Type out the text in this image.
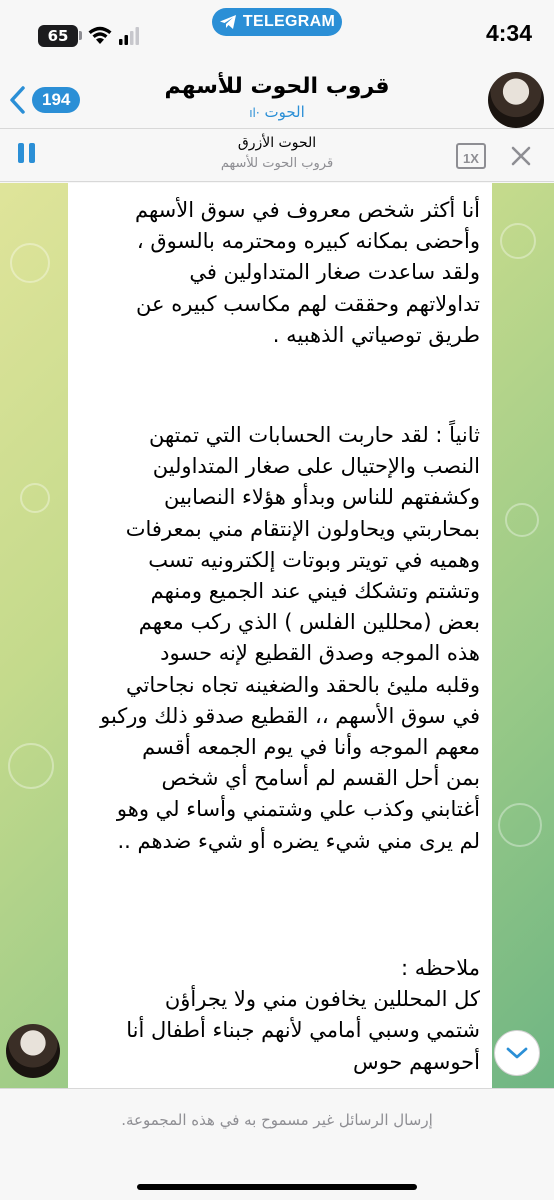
65
TELEGRAM	4:34
194
قروب الحوت للأسهم
الحوت ·ıl
الحوت الأزرق
قروب الحوت للأسهم	1X
أنا أكثر شخص معروف في سوق الأسهم
وأحضى بمكانه كبيره ومحترمه بالسوق ،
ولقد ساعدت صغار المتداولين في
تداولاتهم وحققت لهم مكاسب كبيره عن
طريق توصياتي الذهبيه .
ثانياً : لقد حاربت الحسابات التي تمتهن
النصب والإحتيال على صغار المتداولين
وكشفتهم للناس وبدأو هؤلاء النصابين
بمحاربتي ويحاولون الإنتقام مني بمعرفات
وهميه في تويتر وبوتات إلكترونيه تسب
وتشتم وتشكك فيني عند الجميع ومنهم
بعض (محللين الفلس ) الذي ركب معهم
هذه الموجه وصدق القطيع لإنه حسود
وقلبه مليئ بالحقد والضغينه تجاه نجاحاتي
في سوق الأسهم ،، القطيع صدقو ذلك وركبو
معهم الموجه وأنا في يوم الجمعه أقسم
بمن أحل القسم لم أسامح أي شخص
أغتابني وكذب علي وشتمني وأساء لي وهو
لم يرى مني شيء يضره أو شيء ضدهم ..
ملاحظه :
كل المحللين يخافون مني ولا يجرأؤن
شتمي وسبي أمامي لأنهم جبناء أطفال أنا
أحوسهم حوس
إرسال الرسائل غير مسموح به في هذه المجموعة.
